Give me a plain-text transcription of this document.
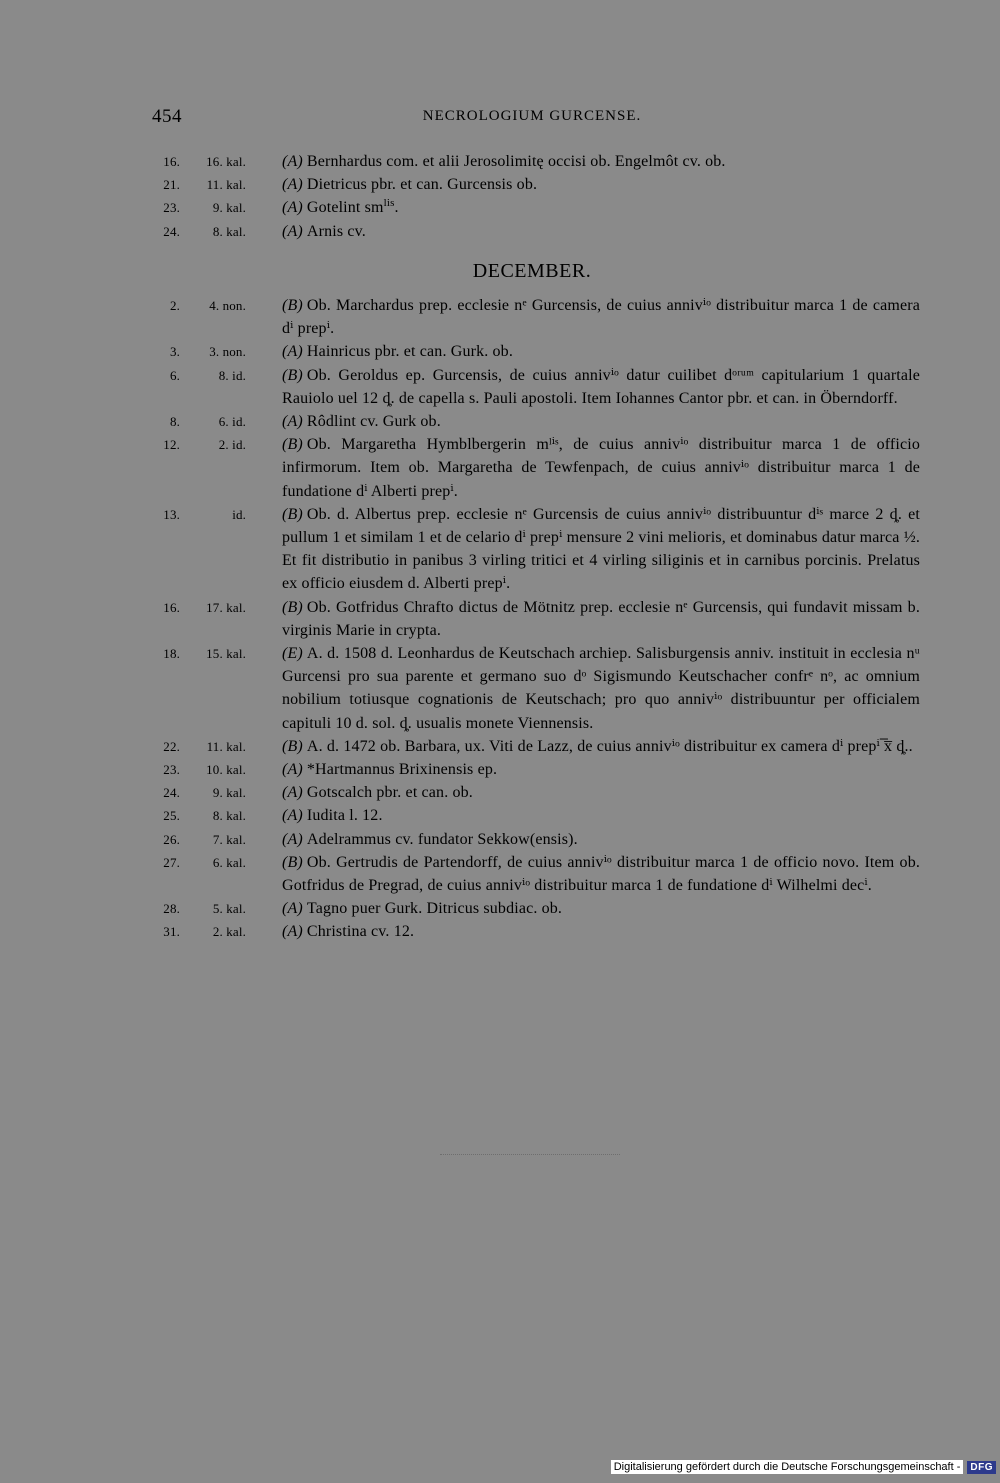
454	NECROLOGIUM GURCENSE.
16.	16. kal. (A) Bernhardus com. et alii Jerosolimitę occisi ob. Engelmôt cv. ob.
21.	11. kal. (A) Dietricus pbr. et can. Gurcensis ob.
23.	9. kal. (A) Gotelint $sm^{lis}$.
24.	8. kal. (A) Arnis cv.
DECEMBER.
2.	4. non. (B) Ob. Marchardus prep. ecclesie nᵉ Gurcensis, de cuius annivⁱᵒ distribuitur marca 1 de camera dⁱ prepⁱ.
3.	3. non. (A) Hainricus pbr. et can. Gurk. ob.
6.	8. id. (B) Ob. Geroldus ep. Gurcensis, de cuius annivⁱᵒ datur cuilibet dᵒʳᵘᵐ capitularium 1 quartale Rauiolo uel 12 ȡ. de capella s. Pauli apostoli. Item Iohannes Cantor pbr. et can. in Öberndorff.
8.	6. id. (A) Rôdlint cv. Gurk ob.
12.	2. id. (B) Ob. Margaretha Hymblbergerin mˡⁱˢ, de cuius annivⁱᵒ distribuitur marca 1 de officio infirmorum. Item ob. Margaretha de Tewfenpach, de cuius annivⁱᵒ distribuitur marca 1 de fundatione dⁱ Alberti prepⁱ.
13.	id. (B) Ob. d. Albertus prep. ecclesie nᵉ Gurcensis de cuius annivⁱᵒ distribuuntur dⁱˢ marce 2 ȡ. et pullum 1 et similam 1 et de celario dⁱ prepⁱ mensure 2 vini melioris, et dominabus datur marca ½. Et fit distributio in panibus 3 virling tritici et 4 virling siliginis et in carnibus porcinis. Prelatus ex officio eiusdem d. Alberti prepⁱ.
16.	17. kal. (B) Ob. Gotfridus Chrafto dictus de Mötnitz prep. ecclesie nᵉ Gurcensis, qui fundavit missam b. virginis Marie in crypta.
18.	15. kal. (E) A. d. 1508 d. Leonhardus de Keutschach archiep. Salisburgensis anniv. instituit in ecclesia nᵘ Gurcensi pro sua parente et germano suo dᵒ Sigismundo Keutschacher confrᵉ nᵒ, ac omnium nobilium totiusque cognationis de Keutschach; pro quo annivⁱᵒ distribuuntur per officialem capituli 10 d. sol. ȡ. usualis monete Viennensis.
22.	11. kal. (B) A. d. 1472 ob. Barbara, ux. Viti de Lazz, de cuius annivⁱᵒ distribuitur ex camera dⁱ prepⁱ ̅̅x̅ ȡ..
23.	10. kal. (A) *Hartmannus Brixinensis ep.
24.	9. kal. (A) Gotscalch pbr. et can. ob.
25.	8. kal. (A) Iudita l. 12.
26.	7. kal. (A) Adelrammus cv. fundator Sekkow(ensis).
27.	6. kal. (B) Ob. Gertrudis de Partendorff, de cuius annivⁱᵒ distribuitur marca 1 de officio novo. Item ob. Gotfridus de Pregrad, de cuius annivⁱᵒ distribuitur marca 1 de fundatione dⁱ Wilhelmi decⁱ.
28.	5. kal. (A) Tagno puer Gurk. Ditricus subdiac. ob.
31.	2. kal. (A) Christina cv. 12.
Digitalisierung gefördert durch die Deutsche Forschungsgemeinschaft -	DFG
